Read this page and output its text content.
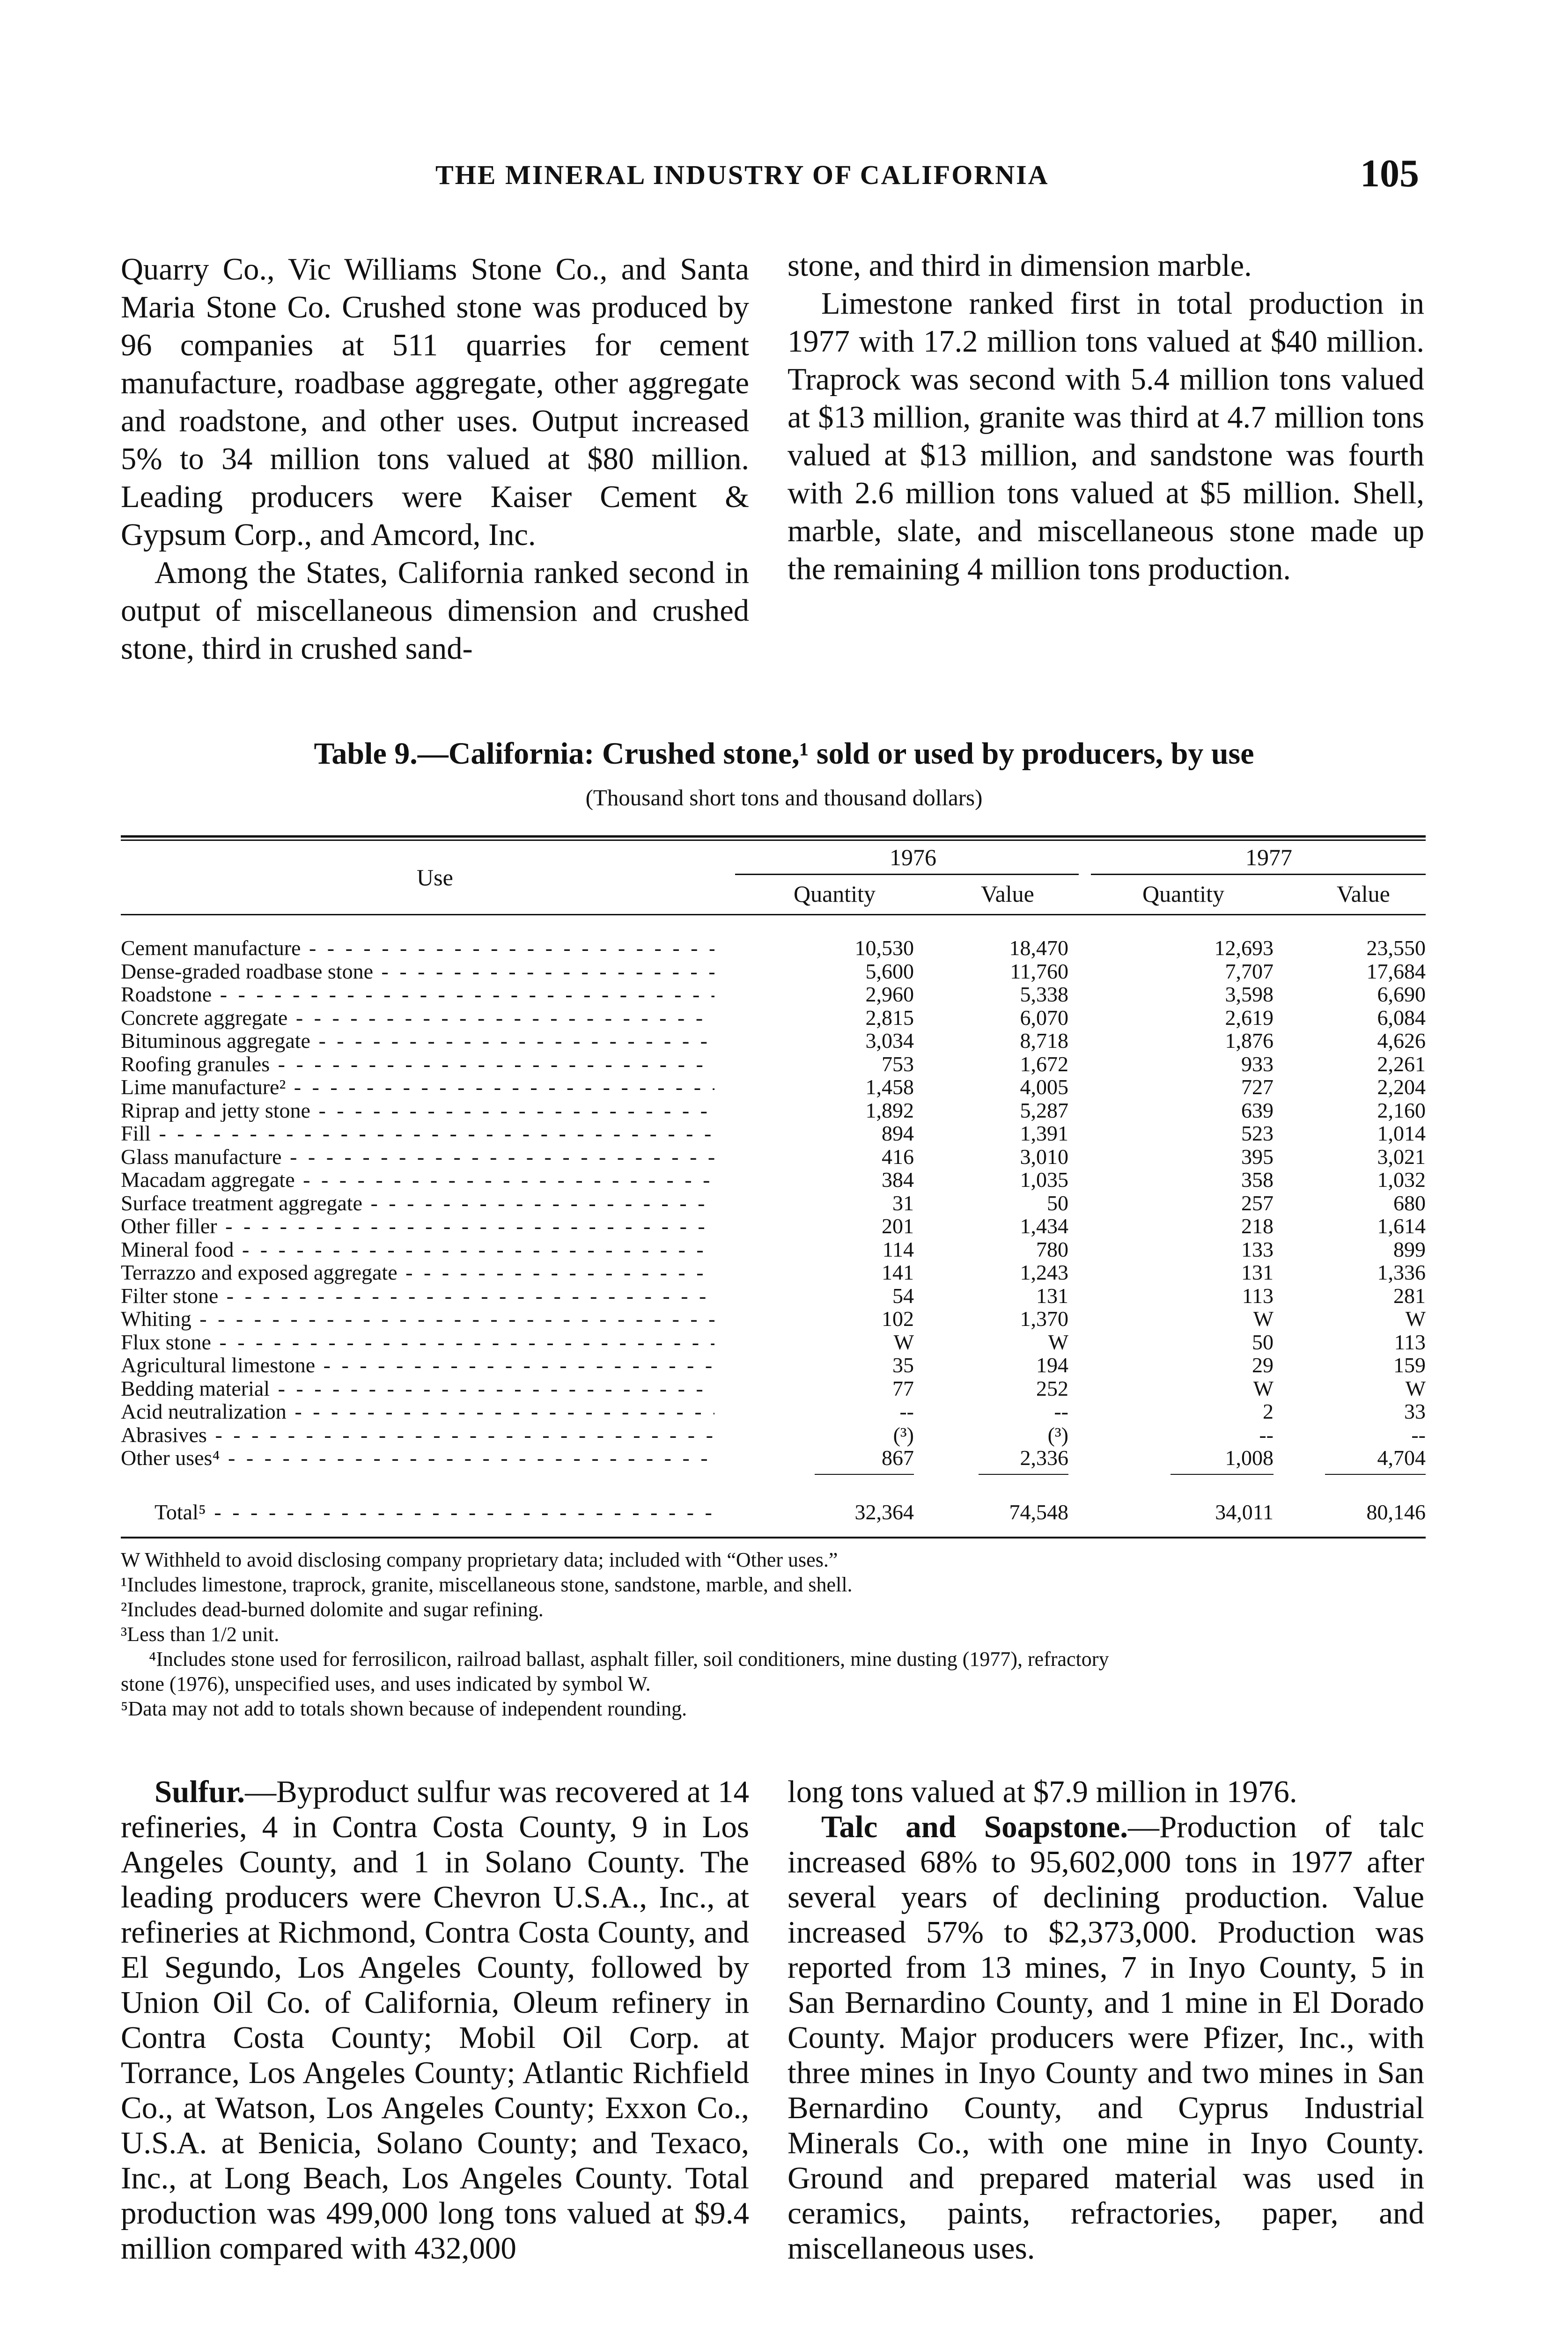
THE MINERAL INDUSTRY OF CALIFORNIA	105

Quarry Co., Vic Williams Stone Co., and Santa Maria Stone Co. Crushed stone was produced by 96 companies at 511 quarries for cement manufacture, roadbase aggregate, other aggregate and roadstone, and other uses. Output increased 5% to 34 million tons valued at $80 million. Leading producers were Kaiser Cement & Gypsum Corp., and Amcord, Inc.

Among the States, California ranked second in output of miscellaneous dimension and crushed stone, third in crushed sand-

stone, and third in dimension marble.

Limestone ranked first in total production in 1977 with 17.2 million tons valued at $40 million. Traprock was second with 5.4 million tons valued at $13 million, granite was third at 4.7 million tons valued at $13 million, and sandstone was fourth with 2.6 million tons valued at $5 million. Shell, marble, slate, and miscellaneous stone made up the remaining 4 million tons production.

Table 9.—California: Crushed stone,¹ sold or used by producers, by use
(Thousand short tons and thousand dollars)
Use
1976	1977
Quantity	Value	Quantity	Value
Cement manufacture - - -	10,530	18,470	12,693	23,550
Dense-graded roadbase stone - - -	5,600	11,760	7,707	17,684
Roadstone - - -	2,960	5,338	3,598	6,690
Concrete aggregate - - -	2,815	6,070	2,619	6,084
Bituminous aggregate - - -	3,034	8,718	1,876	4,626
Roofing granules - - -	753	1,672	933	2,261
Lime manufacture² - - -	1,458	4,005	727	2,204
Riprap and jetty stone - - -	1,892	5,287	639	2,160
Fill - - -	894	1,391	523	1,014
Glass manufacture - - -	416	3,010	395	3,021
Macadam aggregate - - -	384	1,035	358	1,032
Surface treatment aggregate - - -	31	50	257	680
Other filler - - -	201	1,434	218	1,614
Mineral food - - -	114	780	133	899
Terrazzo and exposed aggregate - - -	141	1,243	131	1,336
Filter stone - - -	54	131	113	281
Whiting - - -	102	1,370	W	W
Flux stone - - -	W	W	50	113
Agricultural limestone - - -	35	194	29	159
Bedding material - - -	77	252	W	W
Acid neutralization - - -	--	--	2	33
Abrasives - - -	(³)	(³)	--	--
Other uses⁴ - - -	867	2,336	1,008	4,704
Total⁵ - - -	32,364	74,548	34,011	80,146

W Withheld to avoid disclosing company proprietary data; included with “Other uses.”

¹Includes limestone, traprock, granite, miscellaneous stone, sandstone, marble, and shell.

²Includes dead-burned dolomite and sugar refining.

³Less than 1/2 unit.

⁴Includes stone used for ferrosilicon, railroad ballast, asphalt filler, soil conditioners, mine dusting (1977), refractory

stone (1976), unspecified uses, and uses indicated by symbol W.

⁵Data may not add to totals shown because of independent rounding.

Sulfur.—Byproduct sulfur was recovered at 14 refineries, 4 in Contra Costa County, 9 in Los Angeles County, and 1 in Solano County. The leading producers were Chevron U.S.A., Inc., at refineries at Richmond, Contra Costa County, and El Segundo, Los Angeles County, followed by Union Oil Co. of California, Oleum refinery in Contra Costa County; Mobil Oil Corp. at Torrance, Los Angeles County; Atlantic Richfield Co., at Watson, Los Angeles County; Exxon Co., U.S.A. at Benicia, Solano County; and Texaco, Inc., at Long Beach, Los Angeles County. Total production was 499,000 long tons valued at $9.4 million compared with 432,000

long tons valued at $7.9 million in 1976.

Talc and Soapstone.—Production of talc increased 68% to 95,602,000 tons in 1977 after several years of declining production. Value increased 57% to $2,373,000. Production was reported from 13 mines, 7 in Inyo County, 5 in San Bernardino County, and 1 mine in El Dorado County. Major producers were Pfizer, Inc., with three mines in Inyo County and two mines in San Bernardino County, and Cyprus Industrial Minerals Co., with one mine in Inyo County. Ground and prepared material was used in ceramics, paints, refractories, paper, and miscellaneous uses.
